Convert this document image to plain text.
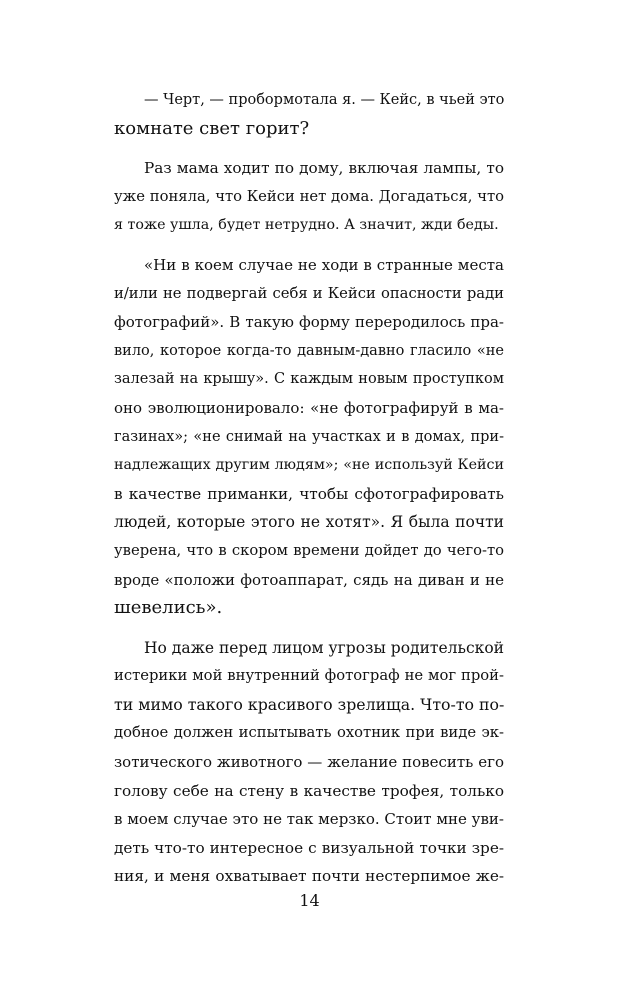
— Черт, — пробормотала я. — Кейс, в чьей это
комнате свет горит?
Раз мама ходит по дому, включая лампы, то
уже поняла, что Кейси нет дома. Догадаться, что
я тоже ушла, будет нетрудно. А значит, жди беды.
«Ни в коем случае не ходи в странные места
и/или не подвергай себя и Кейси опасности ради
фотографий». В такую форму переродилось пра-
вило, которое когда-то давным-давно гласило «не
залезай на крышу». С каждым новым проступком
оно эволюционировало: «не фотографируй в ма-
газинах»; «не снимай на участках и в домах, при-
надлежащих другим людям»; «не используй Кейси
в качестве приманки, чтобы сфотографировать
людей, которые этого не хотят». Я была почти
уверена, что в скором времени дойдет до чего-то
вроде «положи фотоаппарат, сядь на диван и не
шевелись».
Но даже перед лицом угрозы родительской
истерики мой внутренний фотограф не мог прой-
ти мимо такого красивого зрелища. Что-то по-
добное должен испытывать охотник при виде эк-
зотического животного — желание повесить его
голову себе на стену в качестве трофея, только
в моем случае это не так мерзко. Стоит мне уви-
деть что-то интересное с визуальной точки зре-
ния, и меня охватывает почти нестерпимое же-
14
